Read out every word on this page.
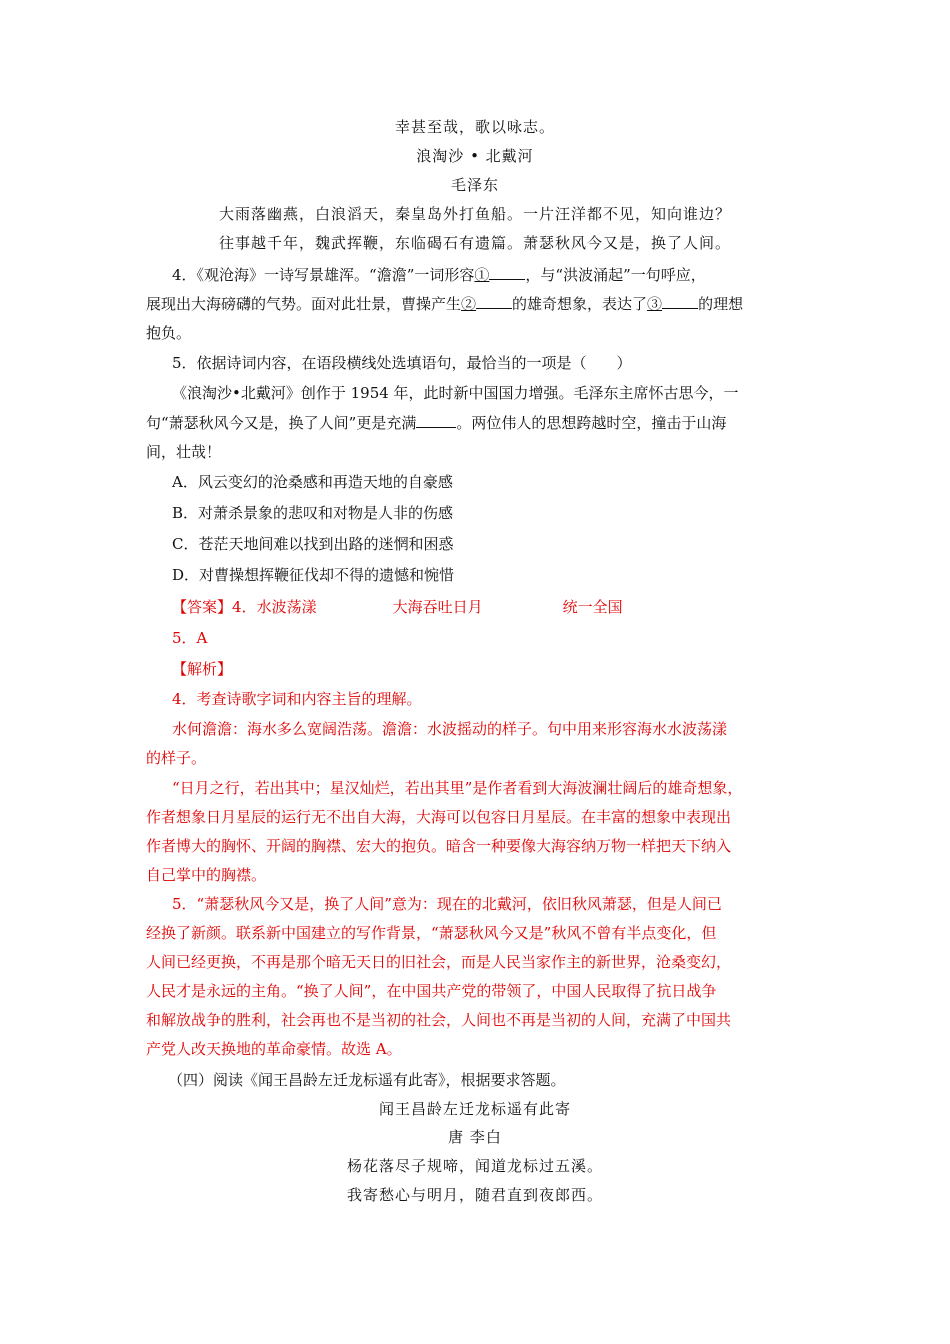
幸甚至哉，歌以咏志。
浪淘沙 • 北戴河
毛泽东
大雨落幽燕，白浪滔天，秦皇岛外打鱼船。一片汪洋都不见，知向谁边？
往事越千年，魏武挥鞭，东临碣石有遗篇。萧瑟秋风今又是，换了人间。
4．《观沧海》一诗写景雄浑。“澹澹”一词形容① ，与“洪波涌起”一句呼应，
展现出大海磅礴的气势。面对此壮景，曹操产生② 的雄奇想象，表达了③ 的理想
抱负。
5．依据诗词内容，在语段横线处选填语句，最恰当的一项是（　　）
《浪淘沙•北戴河》创作于 1954 年，此时新中国国力增强。毛泽东主席怀古思今，一
句“萧瑟秋风今又是，换了人间”更是充满	。两位伟人的思想跨越时空，撞击于山海
间，壮哉！
A．风云变幻的沧桑感和再造天地的自豪感
B．对萧杀景象的悲叹和对物是人非的伤感
C．苍茫天地间难以找到出路的迷惘和困惑
D．对曹操想挥鞭征伐却不得的遗憾和惋惜
【答案】4．水波荡漾	大海吞吐日月	统一全国
5．A
【解析】
4．考查诗歌字词和内容主旨的理解。
水何澹澹：海水多么宽阔浩荡。澹澹：水波摇动的样子。句中用来形容海水水波荡漾
的样子。
“日月之行，若出其中；星汉灿烂，若出其里”是作者看到大海波澜壮阔后的雄奇想象，
作者想象日月星辰的运行无不出自大海，大海可以包容日月星辰。在丰富的想象中表现出
作者博大的胸怀、开阔的胸襟、宏大的抱负。暗含一种要像大海容纳万物一样把天下纳入
自己掌中的胸襟。
5．“萧瑟秋风今又是，换了人间”意为：现在的北戴河，依旧秋风萧瑟，但是人间已
经换了新颜。联系新中国建立的写作背景，“萧瑟秋风今又是”秋风不曾有半点变化，但
人间已经更换，不再是那个暗无天日的旧社会，而是人民当家作主的新世界，沧桑变幻，
人民才是永远的主角。“换了人间”，在中国共产党的带领了，中国人民取得了抗日战争
和解放战争的胜利，社会再也不是当初的社会，人间也不再是当初的人间，充满了中国共
产党人改天换地的革命豪情。故选 A。
（四）阅读《闻王昌龄左迁龙标遥有此寄》，根据要求答题。
闻王昌龄左迁龙标遥有此寄
唐 李白
杨花落尽子规啼，闻道龙标过五溪。
我寄愁心与明月，随君直到夜郎西。
